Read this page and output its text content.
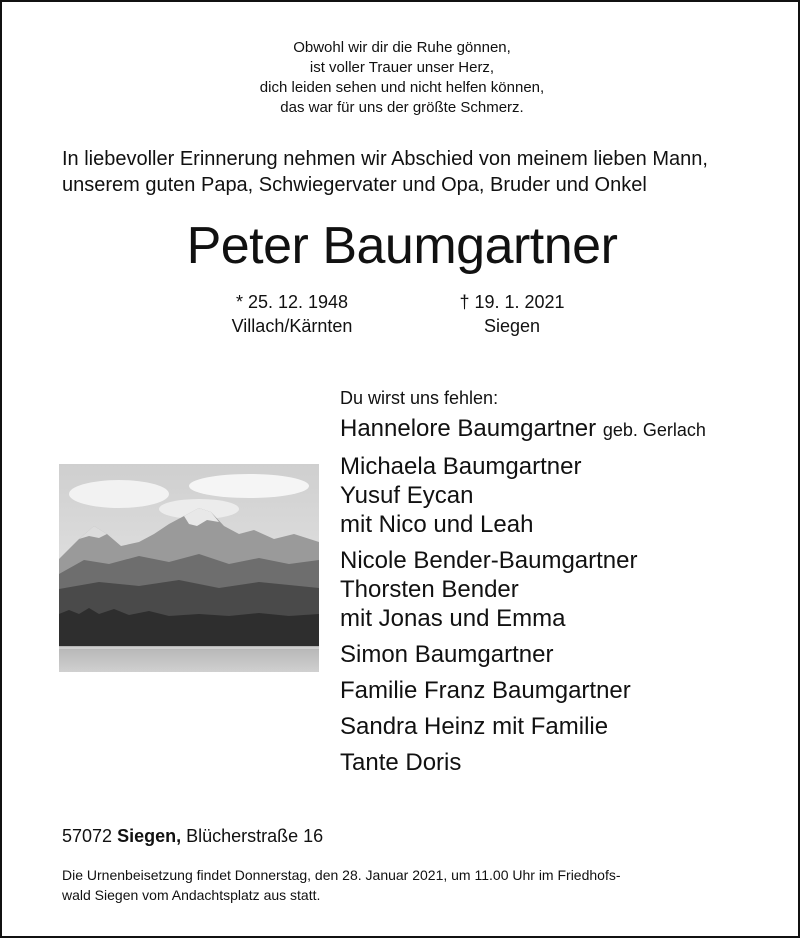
Obwohl wir dir die Ruhe gönnen,
ist voller Trauer unser Herz,
dich leiden sehen und nicht helfen können,
das war für uns der größte Schmerz.
In liebevoller Erinnerung nehmen wir Abschied von meinem lieben Mann,
unserem guten Papa, Schwiegervater und Opa, Bruder und Onkel
Peter Baumgartner
* 25. 12. 1948
Villach/Kärnten
† 19. 1. 2021
Siegen
Du wirst uns fehlen:
Hannelore Baumgartner geb. Gerlach
Michaela Baumgartner
Yusuf Eycan
mit Nico und Leah
Nicole Bender-Baumgartner
Thorsten Bender
mit Jonas und Emma
Simon Baumgartner
Familie Franz Baumgartner
Sandra Heinz mit Familie
Tante Doris
57072 Siegen, Blücherstraße 16
Die Urnenbeisetzung findet Donnerstag, den 28. Januar 2021, um 11.00 Uhr im Friedhofs-
wald Siegen vom Andachtsplatz aus statt.
